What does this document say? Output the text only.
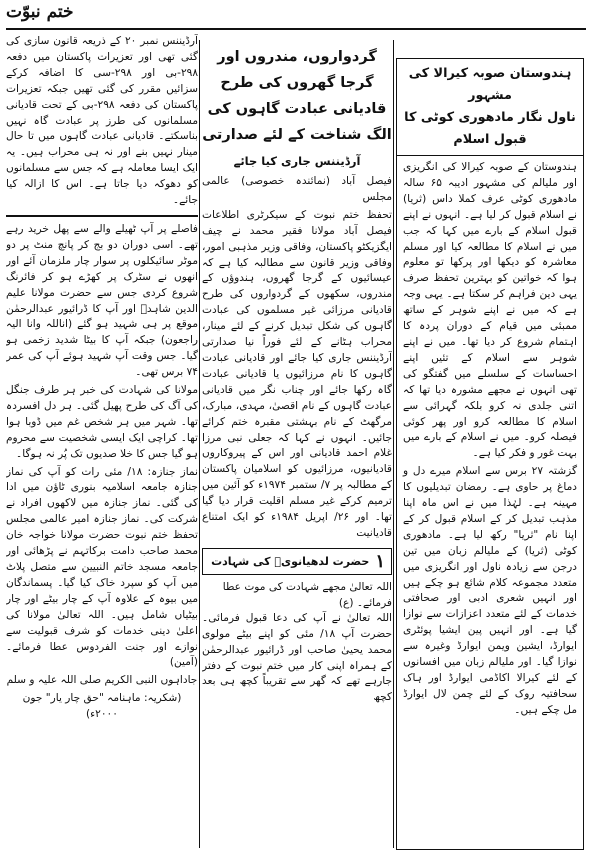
ختم نبوّت

آرڈیننس نمبر ۲۰ کے ذریعہ قانون سازی کی گئی تھی اور تعزیرات پاکستان میں دفعہ ۲۹۸-بی اور ۲۹۸-سی کا اضافہ کرکے سزائیں مقرر کی گئی تھیں جبکہ تعزیرات پاکستان کی دفعہ ۲۹۸-بی کے تحت قادیانی مسلمانوں کی طرز پر عبادت گاہ نہیں بناسکتے۔ قادیانی عبادت گاہوں میں تا حال مینار نہیں بنے اور نہ ہی محراب ہیں۔ یہ ایک ایسا معاملہ ہے کہ جس سے مسلمانوں کو دھوکہ دیا جاتا ہے۔ اس کا ازالہ کیا جائے۔

فاصلے پر آپ ٹھیلے والے سے پھل خرید رہے تھے۔ اسی دوران دو بج کر پانچ منٹ پر دو موٹر سائیکلوں پر سوار چار ملزمان آئے اور انھوں نے سٹرک پر کھڑے ہو کر فائرنگ شروع کردی جس سے حضرت مولانا علیم الدین شاہدؒ اور آپ کا ڈرائیور عبدالرحمٰن موقع پر ہی شہید ہو گئے (اناللہ وانا الیہ راجعون) جبکہ آپ کا بیٹا شدید زخمی ہو گیا۔ جس وقت آپ شہید ہوئے آپ کی عمر ۷۴ برس تھی۔

مولانا کی شہادت کی خبر ہر طرف جنگل کی آگ کی طرح پھیل گئی۔ ہر دل افسردہ تھا۔ شہر میں ہر شخص غم میں ڈوبا ہوا تھا۔ کراچی ایک ایسی شخصیت سے محروم ہو گیا جس کا خلا صدیوں تک پُر نہ ہوگا۔

نماز جنازہ: ۱۸/ مئی رات کو آپ کی نماز جنازہ جامعہ اسلامیہ بنوری ٹاؤن میں ادا کی گئی۔ نماز جنازہ میں لاکھوں افراد نے شرکت کی۔ نماز جنازہ امیر عالمی مجلس تحفظ ختم نبوت حضرت مولانا خواجہ خان محمد صاحب دامت برکاتہم نے پڑھائی اور جامعہ مسجد خاتم النبیین سے متصل پلاٹ میں آپ کو سپرد خاک کیا گیا۔ پسماندگان میں بیوہ کے علاوہ آپ کے چار بیٹے اور چار بیٹیاں شامل ہیں۔ اللہ تعالیٰ مولانا کی اعلیٰ دینی خدمات کو شرف قبولیت سے نوازے اور جنت الفردوس عطا فرمائے۔ (آمین)

جاداہوں النبی الکریم صلی اللہ علیہ و سلم

(شکریہ: ماہنامہ "حق چار یار" جون ۲۰۰۰ء)

گردواروں، مندروں اور گرجا گھروں کی طرح قادیانی عبادت گاہوں کی الگ شناخت کے لئے صدارتی

آرڈیننس جاری کیا جائے

فیصل آباد (نمائندہ خصوصی) عالمی مجلس

تحفظ ختم نبوت کے سیکرٹری اطلاعات فیصل آباد مولانا فقیر محمد نے چیف ایگزیکٹو پاکستان، وفاقی وزیر مذہبی امور، وفاقی وزیر قانون سے مطالبہ کیا ہے کہ عیسائیوں کے گرجا گھروں، ہندوؤں کے مندروں، سکھوں کے گردواروں کی طرح قادیانی مرزائی غیر مسلموں کی عبادت گاہوں کی شکل تبدیل کرنے کے لئے مینار، محراب ہٹانے کے لئے فوراً نیا صدارتی آرڈیننس جاری کیا جائے اور قادیانی عبادت گاہوں کا نام مرزائیوں یا قادیانی عبادت گاہ رکھا جائے اور چناب نگر میں قادیانی عبادت گاہوں کے نام اقصیٰ، مہدی، مبارک، مرگھٹ کے نام بہشتی مقبرہ ختم کرائے جائیں۔ انہوں نے کہا کہ جعلی نبی مرزا غلام احمد قادیانی اور اس کے پیروکاروں قادیانیوں، مرزائیوں کو اسلامیان پاکستان کے مطالبہ پر ۷/ ستمبر ۱۹۷۴ء کو آئین میں ترمیم کرکے غیر مسلم اقلیت قرار دیا گیا تھا۔ اور ۲۶/ اپریل ۱۹۸۴ء کو ایک امتناع قادیانیت

۱
حضرت لدھیانویؒ کی شہادت

اللہ تعالیٰ مجھے شہادت کی موت عطا فرمائے۔ (ع)

اللہ تعالیٰ نے آپ کی دعا قبول فرمائی۔ حضرت آپ ۱۸/ مئی کو اپنے بیٹے مولوی محمد یحییٰ صاحب اور ڈرائیور عبدالرحمٰن کے ہمراہ اپنی کار میں ختم نبوت کے دفتر جارہے تھے کہ گھر سے تقریباً کچھ ہی بعد کچھ

ہندوستان صوبہ کیرالا کی مشہور

ناول نگار مادھوری کوٹی کا قبول اسلام

ہندوستان کے صوبہ کیرالا کی انگریزی اور ملیالم کی مشہور ادیبہ ۶۵ سالہ مادھوری کوٹی عرف کملا داس (ثریا) نے اسلام قبول کر لیا ہے۔ انہوں نے اپنے قبول اسلام کے بارے میں کہا کہ جب میں نے اسلام کا مطالعہ کیا اور مسلم معاشرہ کو دیکھا اور پرکھا تو معلوم ہوا کہ خواتین کو بہترین تحفظ صرف یہی دین فراہم کر سکتا ہے۔ یہی وجہ ہے کہ میں نے اپنے شوہر کے ساتھ ممبئی میں قیام کے دوران پردہ کا اہتمام شروع کر دیا تھا۔ میں نے اپنے شوہر سے اسلام کے تئیں اپنے احساسات کے سلسلے میں گفتگو کی تھی انہوں نے مجھے مشورہ دیا تھا کہ اتنی جلدی نہ کرو بلکہ گہرائی سے اسلام کا مطالعہ کرو اور پھر کوئی فیصلہ کرو۔ میں نے اسلام کے بارے میں بہت غور و فکر کیا ہے۔

گزشتہ ۲۷ برس سے اسلام میرے دل و دماغ پر حاوی ہے۔ رمضان تبدیلیوں کا مہینہ ہے۔ لہٰذا میں نے اس ماہ اپنا مذہب تبدیل کر کے اسلام قبول کر کے اپنا نام "ثریا" رکھ لیا ہے۔ مادھوری کوٹی (ثریا) کے ملیالم زبان میں تین درجن سے زیادہ ناول اور انگریزی میں متعدد مجموعہ کلام شائع ہو چکے ہیں اور انہیں شعری ادبی اور صحافتی خدمات کے لئے متعدد اعزازات سے نوازا گیا ہے۔ اور انہیں پین ایشیا پوئٹری ایوارڈ، ایشین ویمن ایوارڈ وغیرہ سے نوازا گیا۔ اور ملیالم زبان میں افسانوں کے لئے کیرالا اکاڈمی ایوارڈ اور ہاک سحافتیہ روک کے لئے چمن لال ایوارڈ مل چکے ہیں۔
